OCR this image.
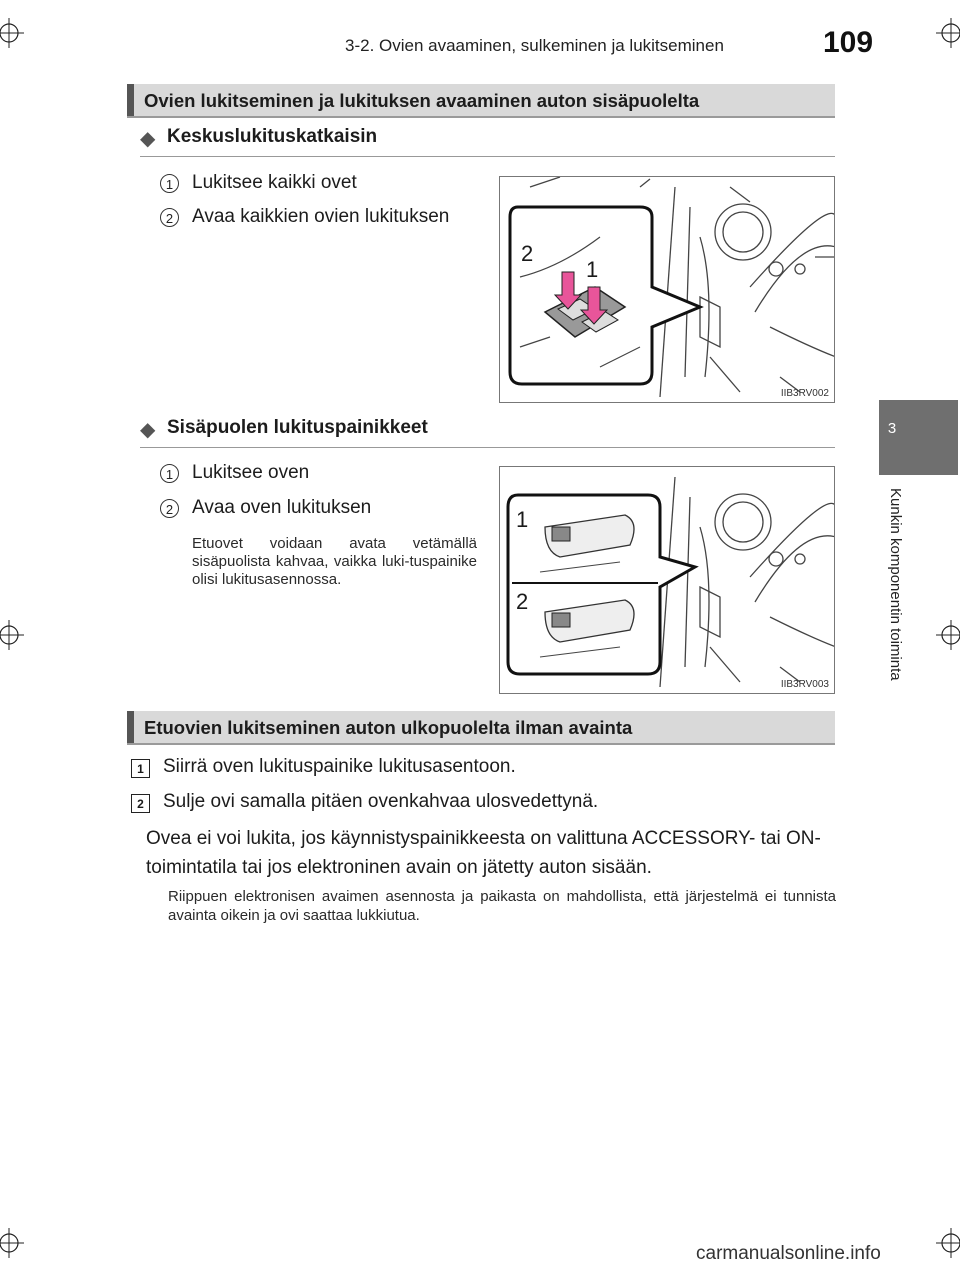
3-2. Ovien avaaminen, sulkeminen ja lukitseminen	109
3
Kunkin komponentin toiminta
Ovien lukitseminen ja lukituksen avaaminen auton sisäpuolelta
◆ Keskuslukituskatkaisin
1 Lukitsee kaikki ovet
2 Avaa kaikkien ovien lukituksen
2
1
IIB3RV002
◆ Sisäpuolen lukituspainikkeet
1 Lukitsee oven
2 Avaa oven lukituksen
Etuovet voidaan avata vetämällä sisäpuolista kahvaa, vaikka luki-tuspainike olisi lukitusasennossa.
1
2
IIB3RV003
Etuovien lukitseminen auton ulkopuolelta ilman avainta
1	Siirrä oven lukituspainike lukitusasentoon.
2	Sulje ovi samalla pitäen ovenkahvaa ulosvedettynä.
Ovea ei voi lukita, jos käynnistyspainikkeesta on valittuna ACCESSORY- tai ON-toimintatila tai jos elektroninen avain on jätetty auton sisään.
Riippuen elektronisen avaimen asennosta ja paikasta on mahdollista, että järjestelmä ei tunnista avainta oikein ja ovi saattaa lukkiutua.
carmanualsonline.info
